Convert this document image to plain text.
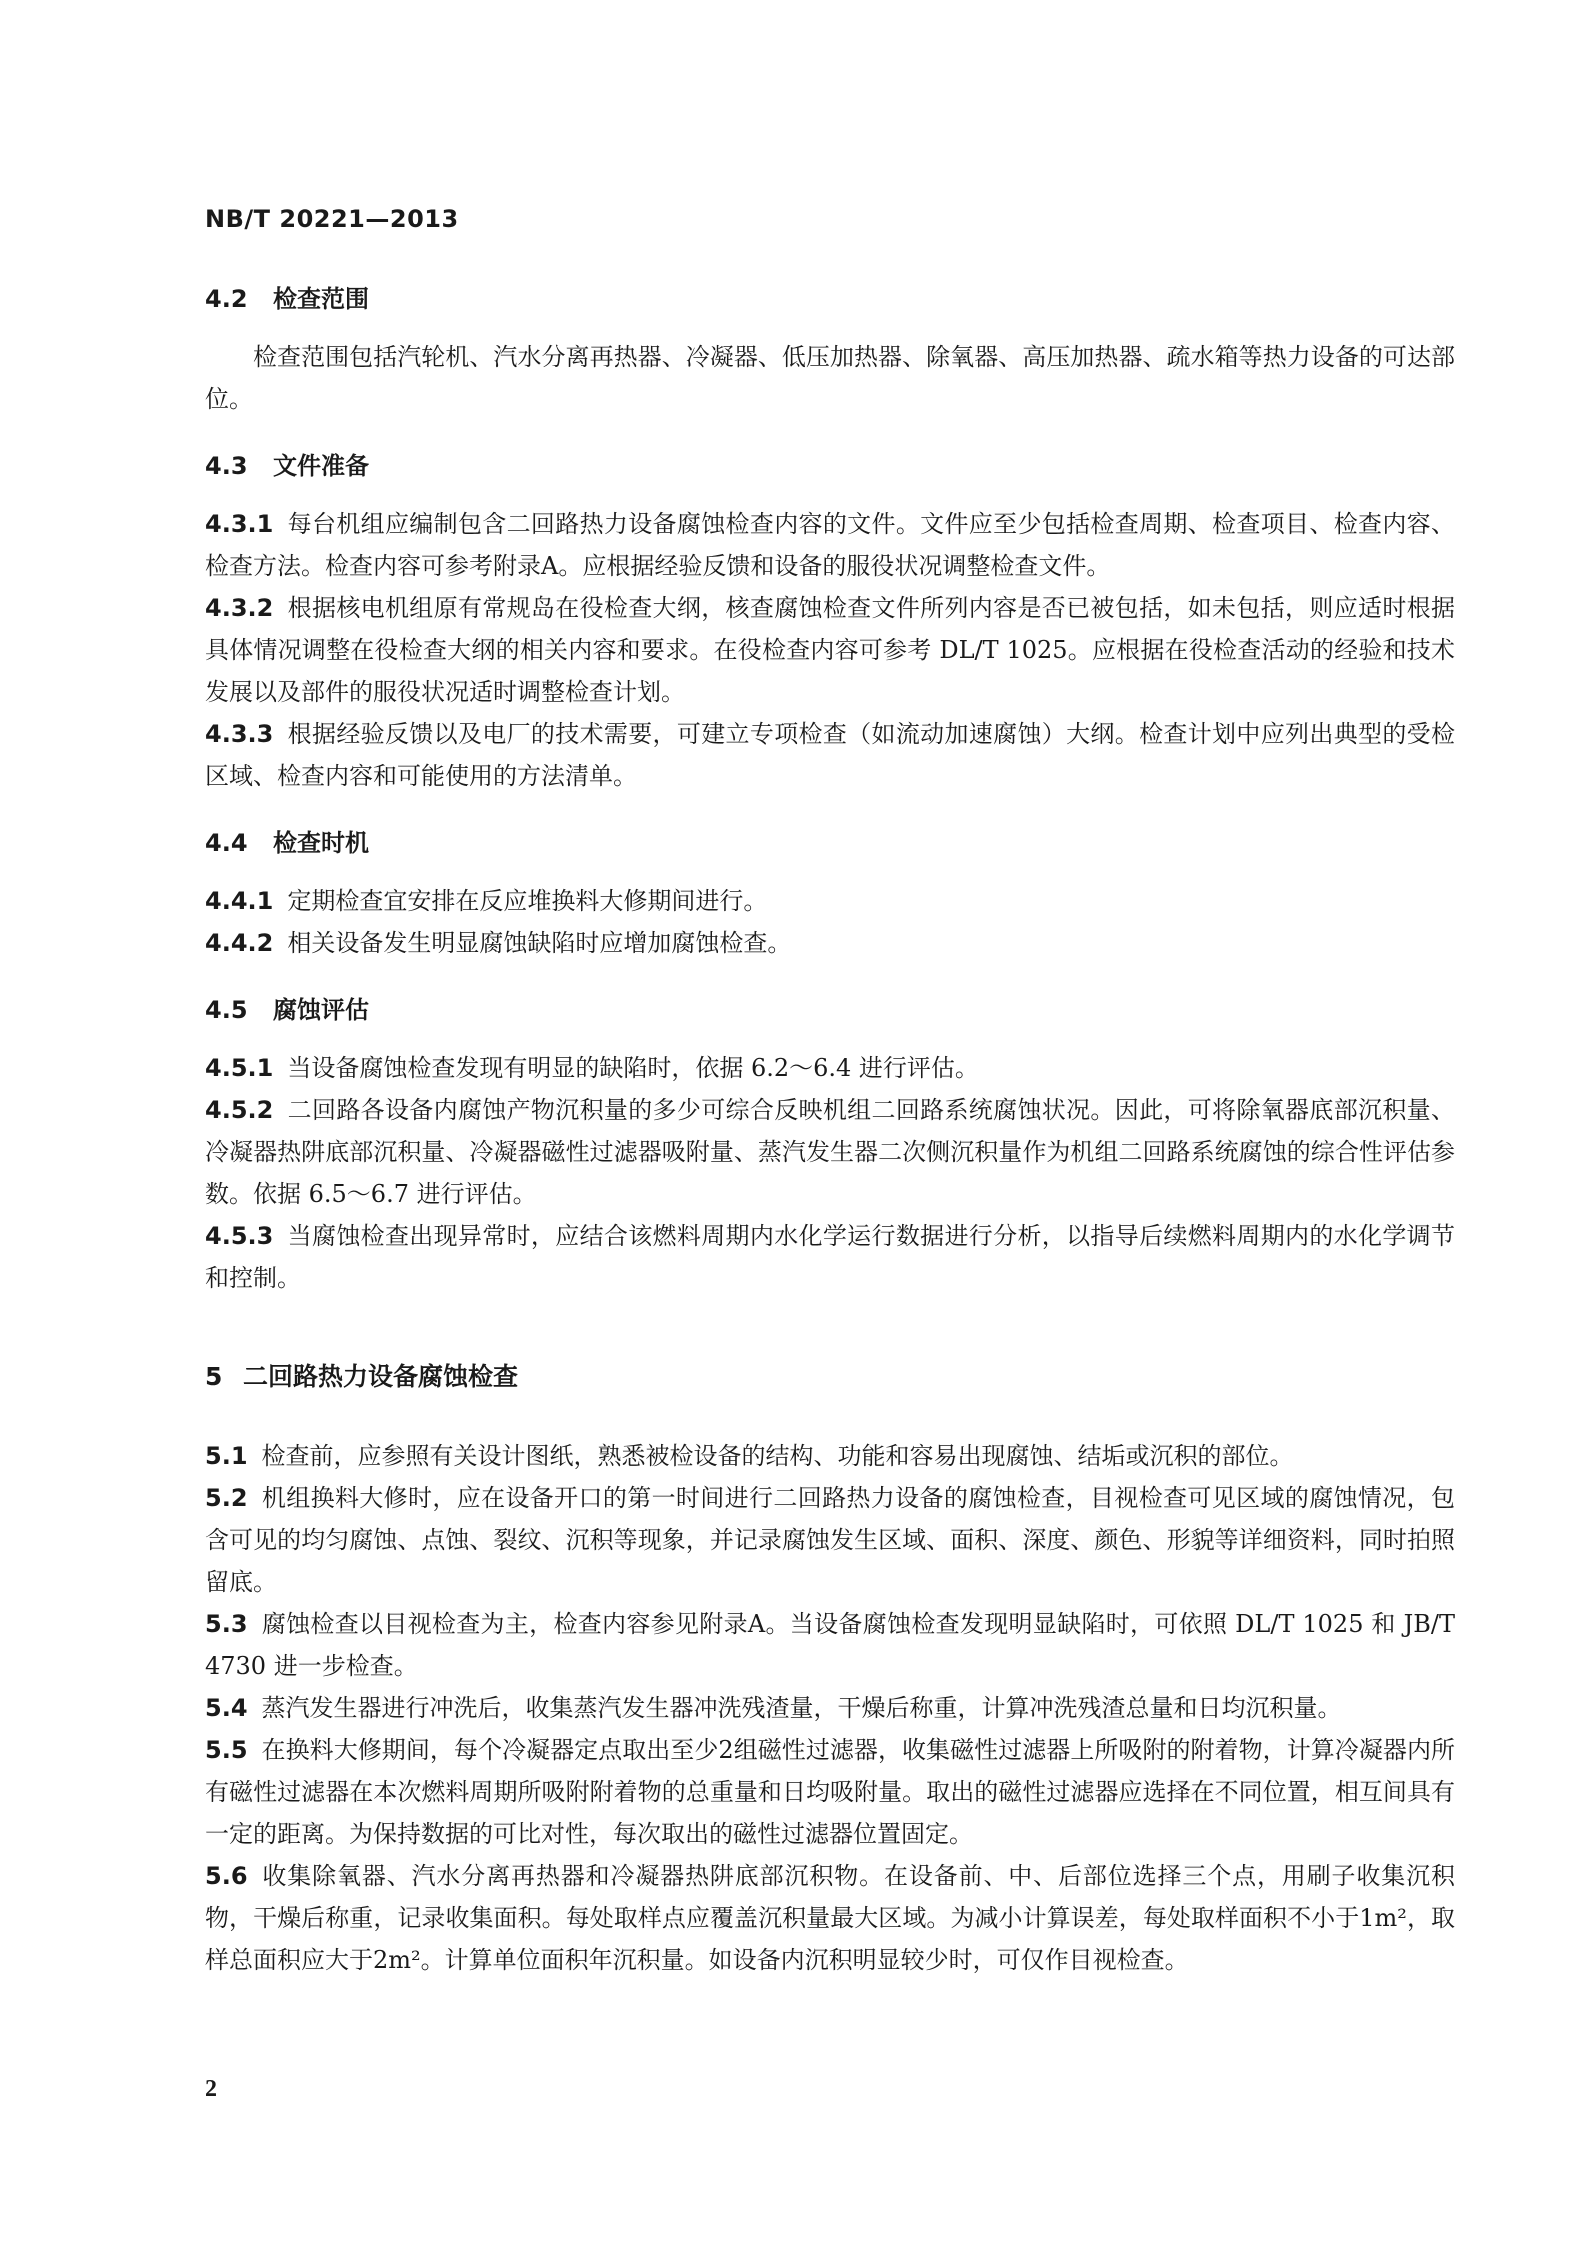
NB/T 20221—2013
4.2 检查范围
检查范围包括汽轮机、汽水分离再热器、冷凝器、低压加热器、除氧器、高压加热器、疏水箱等热力设备的可达部位。
4.3 文件准备
4.3.1 每台机组应编制包含二回路热力设备腐蚀检查内容的文件。文件应至少包括检查周期、检查项目、检查内容、检查方法。检查内容可参考附录A。应根据经验反馈和设备的服役状况调整检查文件。
4.3.2 根据核电机组原有常规岛在役检查大纲，核查腐蚀检查文件所列内容是否已被包括，如未包括，则应适时根据具体情况调整在役检查大纲的相关内容和要求。在役检查内容可参考 DL/T 1025。应根据在役检查活动的经验和技术发展以及部件的服役状况适时调整检查计划。
4.3.3 根据经验反馈以及电厂的技术需要，可建立专项检查（如流动加速腐蚀）大纲。检查计划中应列出典型的受检区域、检查内容和可能使用的方法清单。
4.4 检查时机
4.4.1 定期检查宜安排在反应堆换料大修期间进行。
4.4.2 相关设备发生明显腐蚀缺陷时应增加腐蚀检查。
4.5 腐蚀评估
4.5.1 当设备腐蚀检查发现有明显的缺陷时，依据 6.2～6.4 进行评估。
4.5.2 二回路各设备内腐蚀产物沉积量的多少可综合反映机组二回路系统腐蚀状况。因此，可将除氧器底部沉积量、冷凝器热阱底部沉积量、冷凝器磁性过滤器吸附量、蒸汽发生器二次侧沉积量作为机组二回路系统腐蚀的综合性评估参数。依据 6.5～6.7 进行评估。
4.5.3 当腐蚀检查出现异常时，应结合该燃料周期内水化学运行数据进行分析，以指导后续燃料周期内的水化学调节和控制。
5 二回路热力设备腐蚀检查
5.1 检查前，应参照有关设计图纸，熟悉被检设备的结构、功能和容易出现腐蚀、结垢或沉积的部位。
5.2 机组换料大修时，应在设备开口的第一时间进行二回路热力设备的腐蚀检查，目视检查可见区域的腐蚀情况，包含可见的均匀腐蚀、点蚀、裂纹、沉积等现象，并记录腐蚀发生区域、面积、深度、颜色、形貌等详细资料，同时拍照留底。
5.3 腐蚀检查以目视检查为主，检查内容参见附录A。当设备腐蚀检查发现明显缺陷时，可依照 DL/T 1025 和 JB/T 4730 进一步检查。
5.4 蒸汽发生器进行冲洗后，收集蒸汽发生器冲洗残渣量，干燥后称重，计算冲洗残渣总量和日均沉积量。
5.5 在换料大修期间，每个冷凝器定点取出至少2组磁性过滤器，收集磁性过滤器上所吸附的附着物，计算冷凝器内所有磁性过滤器在本次燃料周期所吸附附着物的总重量和日均吸附量。取出的磁性过滤器应选择在不同位置，相互间具有一定的距离。为保持数据的可比对性，每次取出的磁性过滤器位置固定。
5.6 收集除氧器、汽水分离再热器和冷凝器热阱底部沉积物。在设备前、中、后部位选择三个点，用刷子收集沉积物，干燥后称重，记录收集面积。每处取样点应覆盖沉积量最大区域。为减小计算误差，每处取样面积不小于1m²，取样总面积应大于2m²。计算单位面积年沉积量。如设备内沉积明显较少时，可仅作目视检查。
2
